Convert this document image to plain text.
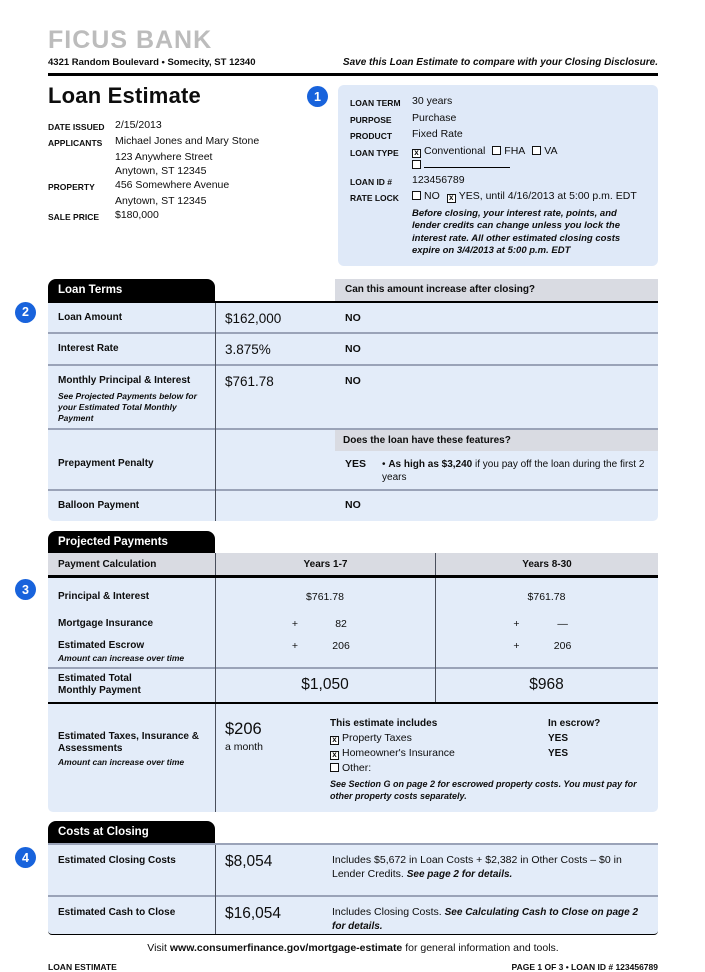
FICUS BANK
4321 Random Boulevard • Somecity, ST 12340	Save this Loan Estimate to compare with your Closing Disclosure.
Loan Estimate
DATE ISSUED 2/15/2013
APPLICANTS	Michael Jones and Mary Stone
123 Anywhere Street
Anytown, ST 12345
PROPERTY	456 Somewhere Avenue
Anytown, ST 12345
SALE PRICE	$180,000
1	LOAN TERM	30 years
PURPOSE	Purchase
PRODUCT	Fixed Rate
LOAN TYPE x	Conventional FHA VA
LOAN ID #	123456789
RATE LOCK	NO x YES, until 4/16/2013 at 5:00 p.m. EDT
Before closing, your interest rate, points, and lender credits can change unless you lock the interest rate. All other estimated closing costs expire on 3/4/2013 at 5:00 p.m. EDT
2
Loan Terms	Can this amount increase after closing?
Loan Amount	$162,000	NO
Interest Rate	3.875%	NO
Monthly Principal & Interest
See Projected Payments below for your Estimated Total Monthly Payment
$761.78	NO
Prepayment Penalty
Does the loan have these features?
YES • As high as $3,240 if you pay off the loan during the first 2 years
Balloon Payment	NO
3
Projected Payments
Payment Calculation	Years 1-7	Years 8-30
Principal & Interest	$761.78	$761.78
Mortgage Insurance	+	82	+	—
Estimated Escrow
Amount can increase over time
+	206	+	206
Estimated Total Monthly Payment	$1,050	$968
Estimated Taxes, Insurance & Assessments
Amount can increase over time
$206
a month
This estimate includes	In escrow?
xProperty Taxes	YES
xHomeowner's Insurance	YES
Other:
See Section G on page 2 for escrowed property costs. You must pay for other property costs separately.
4
Costs at Closing
Estimated Closing Costs	$8,054	Includes $5,672 in Loan Costs + $2,382 in Other Costs – $0 in Lender Credits. See page 2 for details.
Estimated Cash to Close	$16,054	Includes Closing Costs. See Calculating Cash to Close on page 2 for details.
Visit www.consumerfinance.gov/mortgage-estimate for general information and tools.
LOAN ESTIMATE	PAGE 1 OF 3 • LOAN ID # 123456789
